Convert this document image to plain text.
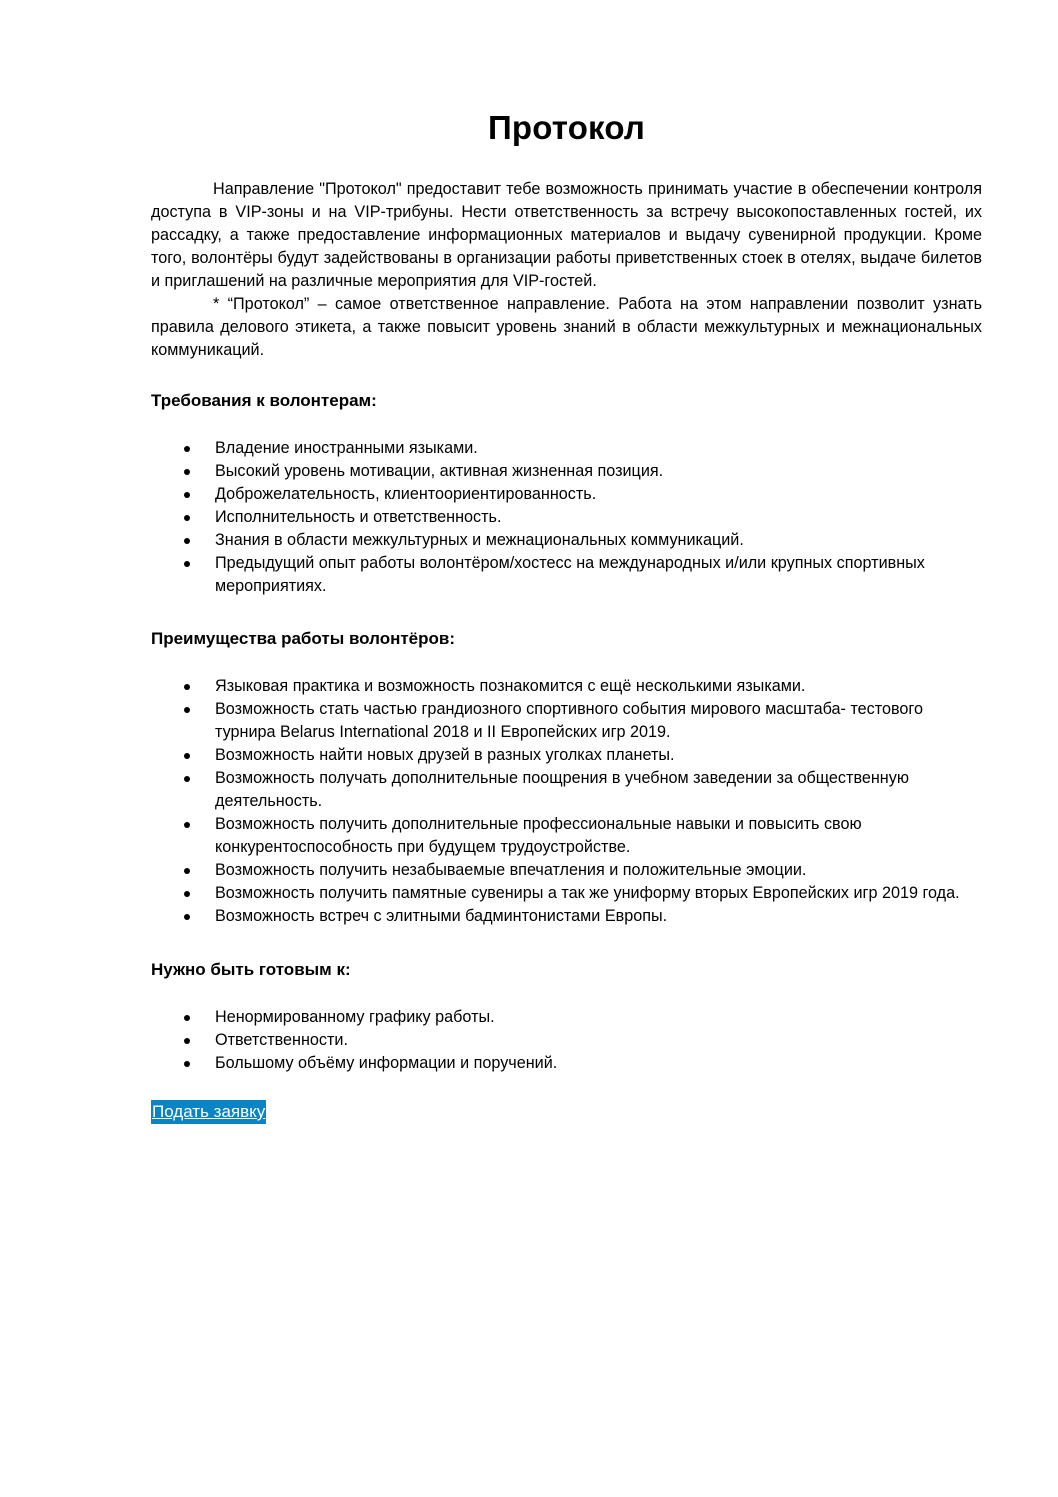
Протокол

Направление "Протокол" предоставит тебе возможность принимать участие в обеспечении контроля доступа в VIP-зоны и на VIP-трибуны. Нести ответственность за встречу высокопоставленных гостей, их рассадку, а также предоставление информационных материалов и выдачу сувенирной продукции. Кроме того, волонтёры будут задействованы в организации работы приветственных стоек в отелях, выдаче билетов и приглашений на различные мероприятия для VIP-гостей.

* “Протокол” – самое ответственное направление. Работа на этом направлении позволит узнать правила делового этикета, а также повысит уровень знаний в области межкультурных и межнациональных коммуникаций.

Требования к волонтерам:
Владение иностранными языками.
Высокий уровень мотивации, активная жизненная позиция.
Доброжелательность, клиентоориентированность.
Исполнительность и ответственность.
Знания в области межкультурных и межнациональных коммуникаций.
Предыдущий опыт работы волонтёром/хостесс на международных и/или крупных спортивных мероприятиях.
Преимущества работы волонтёров:
Языковая практика и возможность познакомится с ещё несколькими языками.
Возможность стать частью грандиозного спортивного события мирового масштаба- тестового турнира Belarus International 2018 и II Европейских игр 2019.
Возможность найти новых друзей в разных уголках планеты.
Возможность получать дополнительные поощрения в учебном заведении за общественную деятельность.
Возможность получить дополнительные профессиональные навыки и повысить свою конкурентоспособность при будущем трудоустройстве.
Возможность получить незабываемые впечатления и положительные эмоции.
Возможность получить памятные сувениры а так же униформу вторых Европейских игр 2019 года.
Возможность встреч с элитными бадминтонистами Европы.
Нужно быть готовым к:
Ненормированному графику работы.
Ответственности.
Большому объёму информации и поручений.
Подать заявку
